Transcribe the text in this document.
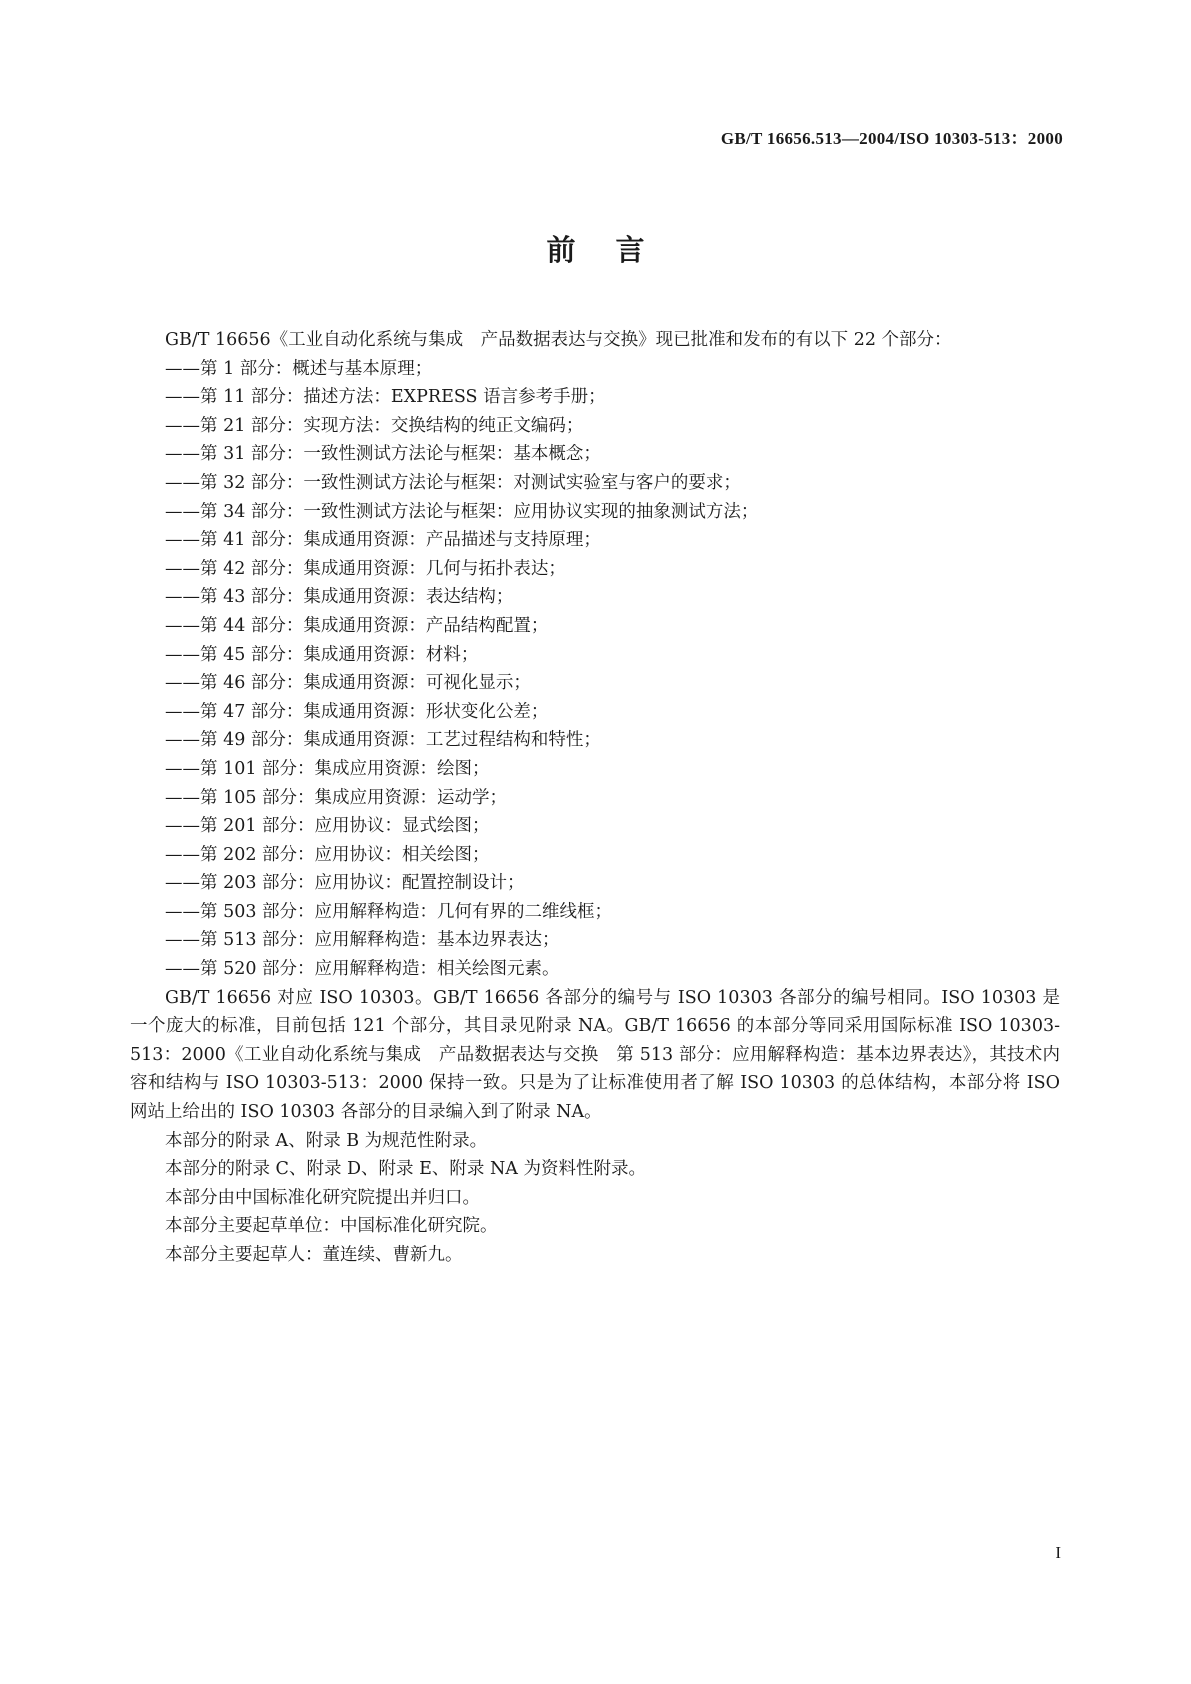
GB/T 16656.513—2004/ISO 10303-513：2000
前言

GB/T 16656《工业自动化系统与集成　产品数据表达与交换》现已批准和发布的有以下 22 个部分：

——第 1 部分：概述与基本原理；

——第 11 部分：描述方法：EXPRESS 语言参考手册；

——第 21 部分：实现方法：交换结构的纯正文编码；

——第 31 部分：一致性测试方法论与框架：基本概念；

——第 32 部分：一致性测试方法论与框架：对测试实验室与客户的要求；

——第 34 部分：一致性测试方法论与框架：应用协议实现的抽象测试方法；

——第 41 部分：集成通用资源：产品描述与支持原理；

——第 42 部分：集成通用资源：几何与拓扑表达；

——第 43 部分：集成通用资源：表达结构；

——第 44 部分：集成通用资源：产品结构配置；

——第 45 部分：集成通用资源：材料；

——第 46 部分：集成通用资源：可视化显示；

——第 47 部分：集成通用资源：形状变化公差；

——第 49 部分：集成通用资源：工艺过程结构和特性；

——第 101 部分：集成应用资源：绘图；

——第 105 部分：集成应用资源：运动学；

——第 201 部分：应用协议：显式绘图；

——第 202 部分：应用协议：相关绘图；

——第 203 部分：应用协议：配置控制设计；

——第 503 部分：应用解释构造：几何有界的二维线框；

——第 513 部分：应用解释构造：基本边界表达；

——第 520 部分：应用解释构造：相关绘图元素。

GB/T 16656 对应 ISO 10303。GB/T 16656 各部分的编号与 ISO 10303 各部分的编号相同。ISO 10303 是一个庞大的标准，目前包括 121 个部分，其目录见附录 NA。GB/T 16656 的本部分等同采用国际标准 ISO 10303-513：2000《工业自动化系统与集成　产品数据表达与交换　第 513 部分：应用解释构造：基本边界表达》，其技术内容和结构与 ISO 10303-513：2000 保持一致。只是为了让标准使用者了解 ISO 10303 的总体结构，本部分将 ISO 网站上给出的 ISO 10303 各部分的目录编入到了附录 NA。

本部分的附录 A、附录 B 为规范性附录。

本部分的附录 C、附录 D、附录 E、附录 NA 为资料性附录。

本部分由中国标准化研究院提出并归口。

本部分主要起草单位：中国标准化研究院。

本部分主要起草人：董连续、曹新九。

I
